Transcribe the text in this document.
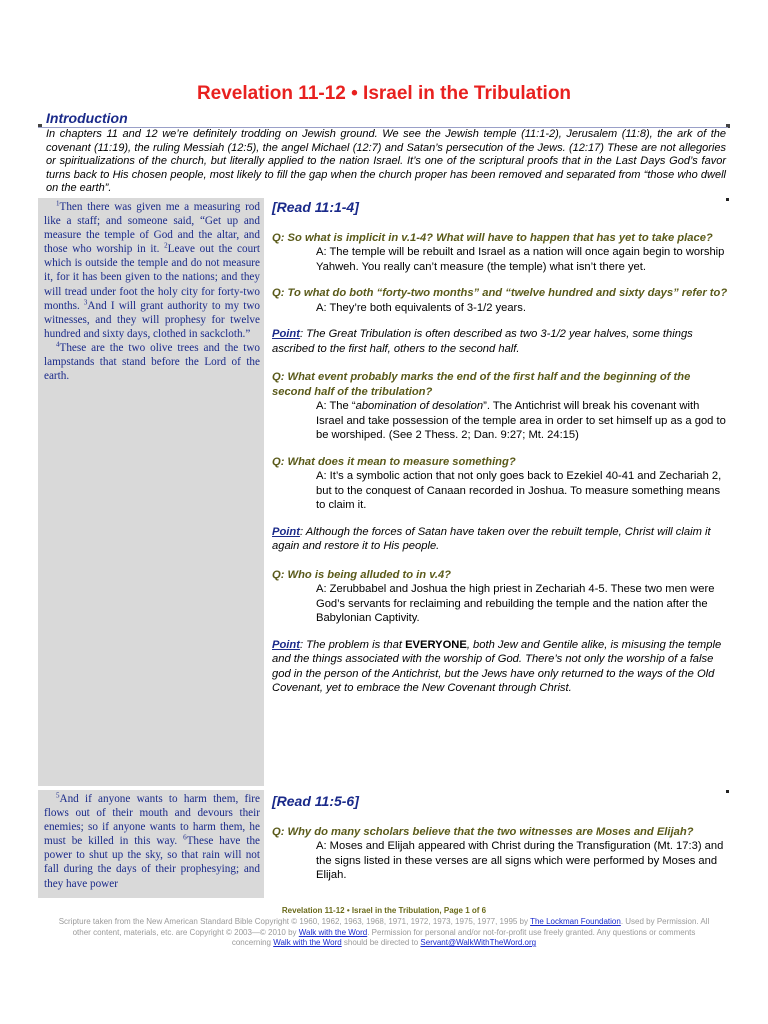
Revelation 11-12 • Israel in the Tribulation
Introduction
In chapters 11 and 12 we’re definitely trodding on Jewish ground. We see the Jewish temple (11:1-2), Jerusalem (11:8), the ark of the covenant (11:19), the ruling Messiah (12:5), the angel Michael (12:7) and Satan’s persecution of the Jews. (12:17) These are not allegories or spiritualizations of the church, but literally applied to the nation Israel. It’s one of the scriptural proofs that in the Last Days God’s favor turns back to His chosen people, most likely to fill the gap when the church proper has been removed and separated from “those who dwell on the earth”.

$^1$Then there was given me a measuring rod like a staff; and someone said, “Get up and measure the temple of God and the altar, and those who worship in it. $^2$Leave out the court which is outside the temple and do not measure it, for it has been given to the nations; and they will tread under foot the holy city for forty-two months. $^3$And I will grant authority to my two witnesses, and they will prophesy for twelve hundred and sixty days, clothed in sackcloth.”

$^4$These are the two olive trees and the two lampstands that stand before the Lord of the earth.

$^5$And if anyone wants to harm them, fire flows out of their mouth and devours their enemies; so if anyone wants to harm them, he must be killed in this way. $^6$These have the power to shut up the sky, so that rain will not fall during the days of their prophesying; and they have power

[Read 11:1-4]

Q: So what is implicit in v.1-4? What will have to happen that has yet to take place?

A: The temple will be rebuilt and Israel as a nation will once again begin to worship Yahweh. You really can’t measure (the temple) what isn’t there yet.

Q: To what do both “forty-two months” and “twelve hundred and sixty days” refer to?

A: They’re both equivalents of 3-1/2 years.

Point: The Great Tribulation is often described as two 3-1/2 year halves, some things ascribed to the first half, others to the second half.

Q: What event probably marks the end of the first half and the beginning of the second half of the tribulation?

A: The “abomination of desolation”. The Antichrist will break his covenant with Israel and take possession of the temple area in order to set himself up as a god to be worshiped. (See 2 Thess. 2; Dan. 9:27; Mt. 24:15)

Q: What does it mean to measure something?

A: It’s a symbolic action that not only goes back to Ezekiel 40-41 and Zechariah 2, but to the conquest of Canaan recorded in Joshua. To measure something means to claim it.

Point: Although the forces of Satan have taken over the rebuilt temple, Christ will claim it again and restore it to His people.

Q: Who is being alluded to in v.4?

A: Zerubbabel and Joshua the high priest in Zechariah 4-5. These two men were God’s servants for reclaiming and rebuilding the temple and the nation after the Babylonian Captivity.

Point: The problem is that EVERYONE, both Jew and Gentile alike, is misusing the temple and the things associated with the worship of God. There’s not only the worship of a false god in the person of the Antichrist, but the Jews have only returned to the ways of the Old Covenant, yet to embrace the New Covenant through Christ.

[Read 11:5-6]

Q: Why do many scholars believe that the two witnesses are Moses and Elijah?

A: Moses and Elijah appeared with Christ during the Transfiguration (Mt. 17:3) and the signs listed in these verses are all signs which were performed by Moses and Elijah.

Revelation 11-12 • Israel in the Tribulation, Page 1 of 6
Scripture taken from the New American Standard Bible Copyright © 1960, 1962, 1963, 1968, 1971, 1972, 1973, 1975, 1977, 1995 by The Lockman Foundation. Used by Permission. All other content, materials, etc. are Copyright © 2003—© 2010 by Walk with the Word. Permission for personal and/or not-for-profit use freely granted. Any questions or comments concerning Walk with the Word should be directed to Servant@WalkWithTheWord.org
